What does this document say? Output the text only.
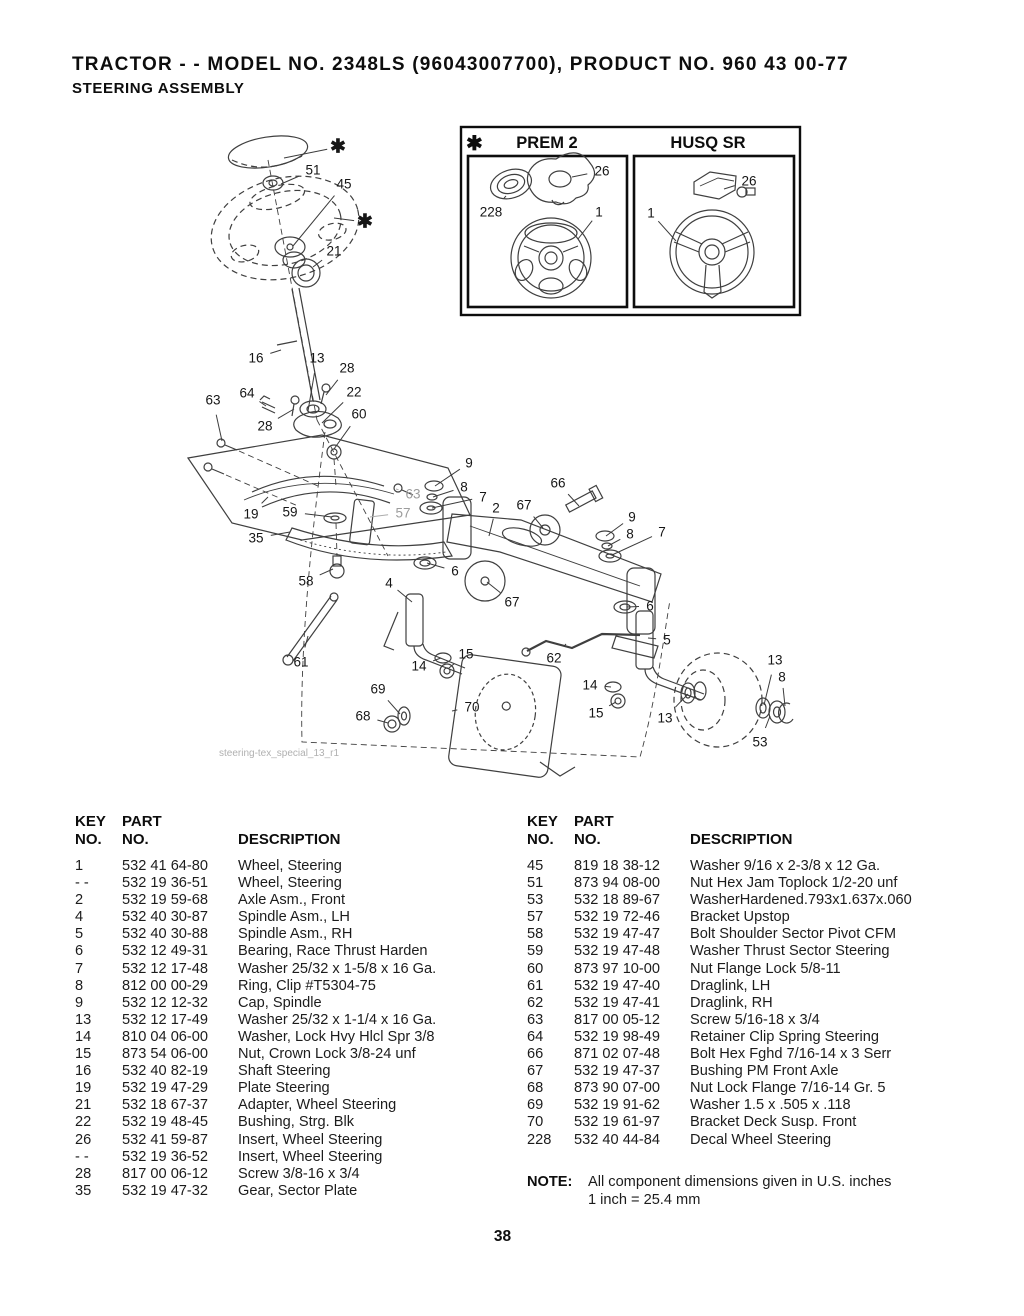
TRACTOR - - MODEL NO. 2348LS (96043007700), PRODUCT NO. 960 43 00-77
STEERING ASSEMBLY
✱ PREM 2	HUSQ SR
✱
51
45
✱
21
16	13
28
64	22
63
28
60
9
8	66
7
2 67
63
57	9
8 7
19 59
35
6
58	4
67	6
5
61	62
15
14	13
8
69	14
70
68	15	13
53
228
26
1
26
1
steering-tex_special_13_r1
KEY
NO.
PART
NO.
	DESCRIPTION
1	532 41 64-80	Wheel, Steering
- -	532 19 36-51	Wheel, Steering
2	532 19 59-68	Axle Asm., Front
4	532 40 30-87	Spindle Asm., LH
5	532 40 30-88	Spindle Asm., RH
6	532 12 49-31	Bearing, Race Thrust Harden
7	532 12 17-48	Washer 25/32 x 1-5/8 x 16 Ga.
8	812 00 00-29	Ring, Clip #T5304-75
9	532 12 12-32	Cap, Spindle
13	532 12 17-49	Washer 25/32 x 1-1/4 x 16 Ga.
14	810 04 06-00	Washer, Lock Hvy Hlcl Spr 3/8
15	873 54 06-00	Nut, Crown Lock 3/8-24 unf
16	532 40 82-19	Shaft Steering
19	532 19 47-29	Plate Steering
21	532 18 67-37	Adapter, Wheel Steering
22	532 19 48-45	Bushing, Strg. Blk
26	532 41 59-87	Insert, Wheel Steering
- -	532 19 36-52	Insert, Wheel Steering
28	817 00 06-12	Screw 3/8-16 x 3/4
35	532 19 47-32	Gear, Sector Plate
KEY
NO.
PART
NO.
	DESCRIPTION
45	819 18 38-12	Washer 9/16 x 2-3/8 x 12 Ga.
51	873 94 08-00	Nut Hex Jam Toplock 1/2-20 unf
53	532 18 89-67	WasherHardened.793x1.637x.060
57	532 19 72-46	Bracket Upstop
58	532 19 47-47	Bolt Shoulder Sector Pivot CFM
59	532 19 47-48	Washer Thrust Sector Steering
60	873 97 10-00	Nut Flange Lock 5/8-11
61	532 19 47-40	Draglink, LH
62	532 19 47-41	Draglink, RH
63	817 00 05-12	Screw 5/16-18 x 3/4
64	532 19 98-49	Retainer Clip Spring Steering
66	871 02 07-48	Bolt Hex Fghd 7/16-14 x 3 Serr
67	532 19 47-37	Bushing PM Front Axle
68	873 90 07-00	Nut Lock Flange 7/16-14 Gr. 5
69	532 19 91-62	Washer 1.5 x .505 x .118
70	532 19 61-97	Bracket Deck Susp. Front
228	532 40 44-84	Decal Wheel Steering
NOTE:	All component dimensions given in U.S. inches
1 inch = 25.4 mm
38
